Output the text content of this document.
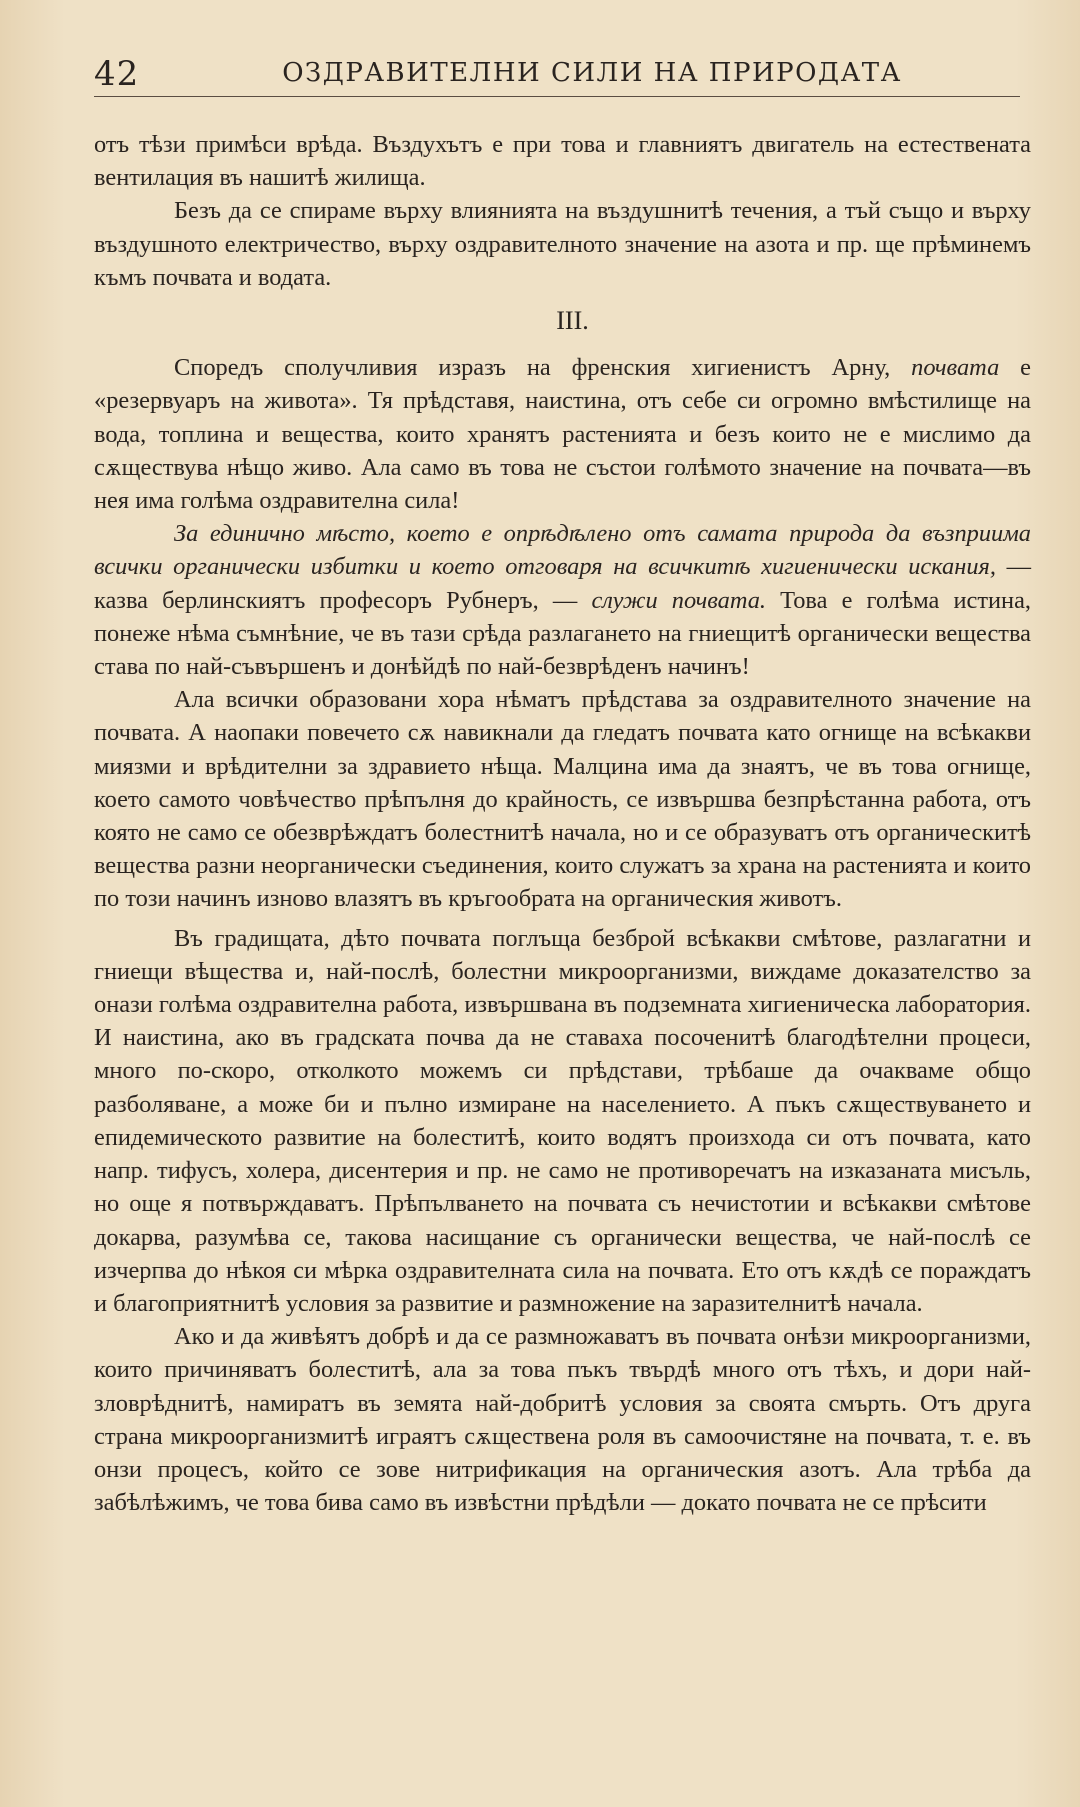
42	ОЗДРАВИТЕЛНИ СИЛИ НА ПРИРОДАТА

отъ тѣзи примѣси врѣда. Въздухътъ е при това и главниятъ двигатель на естествената вентилация въ нашитѣ жилища.

Безъ да се спираме върху влиянията на въздушнитѣ течения, а тъй също и върху въздушното електричество, върху оздравителното значение на азота и пр. ще прѣминемъ къмъ почвата и водата.

III.

Споредъ сполучливия изразъ на френския хигиенистъ Арну, почвата е «резервуаръ на живота». Тя прѣдставя, наистина, отъ себе си огромно вмѣстилище на вода, топлина и вещества, които хранятъ растенията и безъ които не е мислимо да сѫществува нѣщо живо. Ала само въ това не състои голѣмото значение на почвата—въ нея има голѣма оздравителна сила!

За единично мѣсто, което е опрѣдѣлено отъ самата природа да възприима всички органически избитки и което отговаря на всичкитѣ хигиенически искания, — казва берлинскиятъ професоръ Рубнеръ, — служи почвата. Това е голѣма истина, понеже нѣма съмнѣние, че въ тази срѣда разлагането на гниещитѣ органически вещества става по най-съвършенъ и донѣйдѣ по най-безврѣденъ начинъ!

Ала всички образовани хора нѣматъ прѣдстава за оздравителното значение на почвата. А наопаки повечето сѫ навикнали да гледатъ почвата като огнище на всѣкакви миязми и врѣдителни за здравието нѣща. Малцина има да знаятъ, че въ това огнище, което самото човѣчество прѣпълня до крайность, се извършва безпрѣстанна работа, отъ която не само се обезврѣждатъ болестнитѣ начала, но и се образуватъ отъ органическитѣ вещества разни неорганически съединения, които служатъ за храна на растенията и които по този начинъ изново влазятъ въ кръгообрата на органическия животъ.

Въ градищата, дѣто почвата поглъща безброй всѣкакви смѣтове, разлагатни и гниещи вѣщества и, най-послѣ, болестни микроорганизми, виждаме доказателство за онази голѣма оздравителна работа, извършвана въ подземната хигиеническа лаборатория. И наистина, ако въ градската почва да не ставаха посоченитѣ благодѣтелни процеси, много по-скоро, отколкото можемъ си прѣдстави, трѣбаше да очакваме общо разболяване, а може би и пълно измиране на населението. А пъкъ сѫществуването и епидемическото развитие на болеститѣ, които водятъ произхода си отъ почвата, като напр. тифусъ, холера, дисентерия и пр. не само не противоречатъ на изказаната мисъль, но още я потвърждаватъ. Прѣпълването на почвата съ нечистотии и всѣкакви смѣтове докарва, разумѣва се, такова насищание съ органически вещества, че най-послѣ се изчерпва до нѣкоя си мѣрка оздравителната сила на почвата. Ето отъ кѫдѣ се пораждатъ и благоприятнитѣ условия за развитие и размножение на заразителнитѣ начала.

Ако и да живѣятъ добрѣ и да се размножаватъ въ почвата онѣзи микроорганизми, които причиняватъ болеститѣ, ала за това пъкъ твърдѣ много отъ тѣхъ, и дори най-зловрѣднитѣ, намиратъ въ земята най-добритѣ условия за своята смърть. Отъ друга страна микроорганизмитѣ играятъ сѫществена роля въ самоочистяне на почвата, т. е. въ онзи процесъ, който се зове нитрификация на органическия азотъ. Ала трѣба да забѣлѣжимъ, че това бива само въ извѣстни прѣдѣли — докато почвата не се прѣсити
